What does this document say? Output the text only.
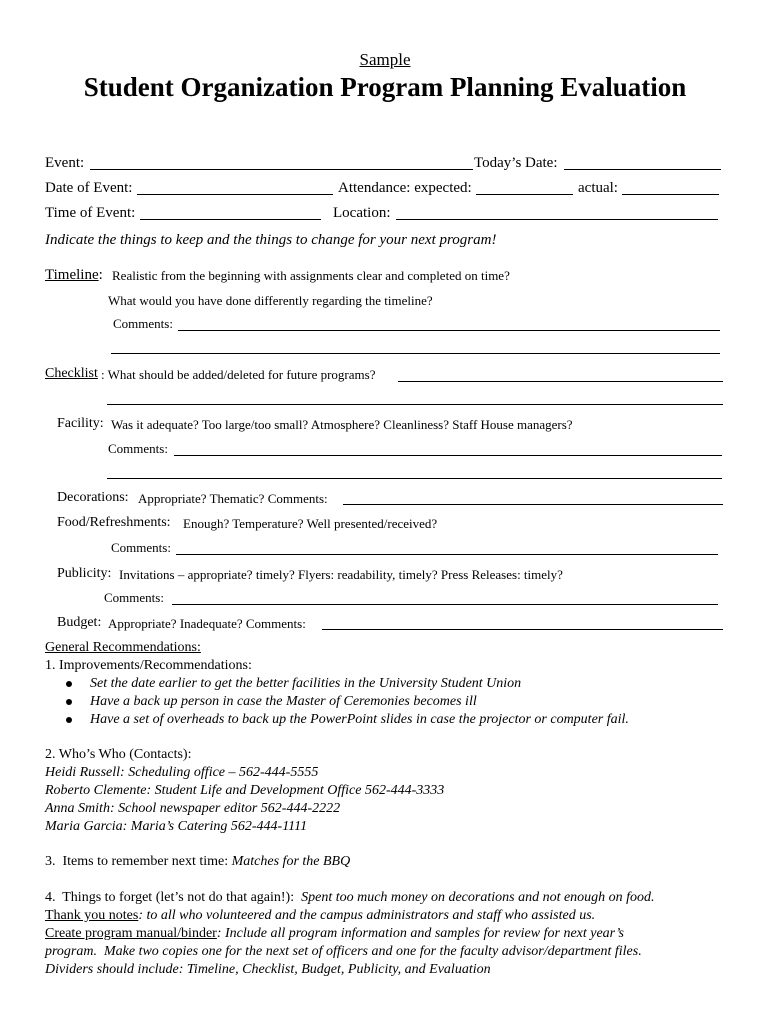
Sample
Student Organization Program Planning Evaluation
Event:	Today’s Date:
Date of Event:	Attendance: expected:	actual:
Time of Event:	Location:
Indicate the things to keep and the things to change for your next program!
Timeline: Realistic from the beginning with assignments clear and completed on time?
What would you have done differently regarding the timeline?
Comments:
Checklist : What should be added/deleted for future programs?
Facility: Was it adequate? Too large/too small? Atmosphere? Cleanliness? Staff House managers?
Comments:
Decorations: Appropriate? Thematic? Comments:
Food/Refreshments: Enough? Temperature? Well presented/received?
Comments:
Publicity: Invitations – appropriate? timely? Flyers: readability, timely? Press Releases: timely?
Comments:
Budget: Appropriate? Inadequate? Comments:
General Recommendations:
1. Improvements/Recommendations:
Set the date earlier to get the better facilities in the University Student Union
Have a back up person in case the Master of Ceremonies becomes ill
Have a set of overheads to back up the PowerPoint slides in case the projector or computer fail.
2. Who’s Who (Contacts):
Heidi Russell: Scheduling office – 562-444-5555
Roberto Clemente: Student Life and Development Office 562-444-3333
Anna Smith: School newspaper editor 562-444-2222
Maria Garcia: Maria’s Catering 562-444-1111
3.  Items to remember next time: Matches for the BBQ
4.  Things to forget (let’s not do that again!):  Spent too much money on decorations and not enough on food.
Thank you notes: to all who volunteered and the campus administrators and staff who assisted us.
Create program manual/binder: Include all program information and samples for review for next year’s
program.  Make two copies one for the next set of officers and one for the faculty advisor/department files.
Dividers should include: Timeline, Checklist, Budget, Publicity, and Evaluation
